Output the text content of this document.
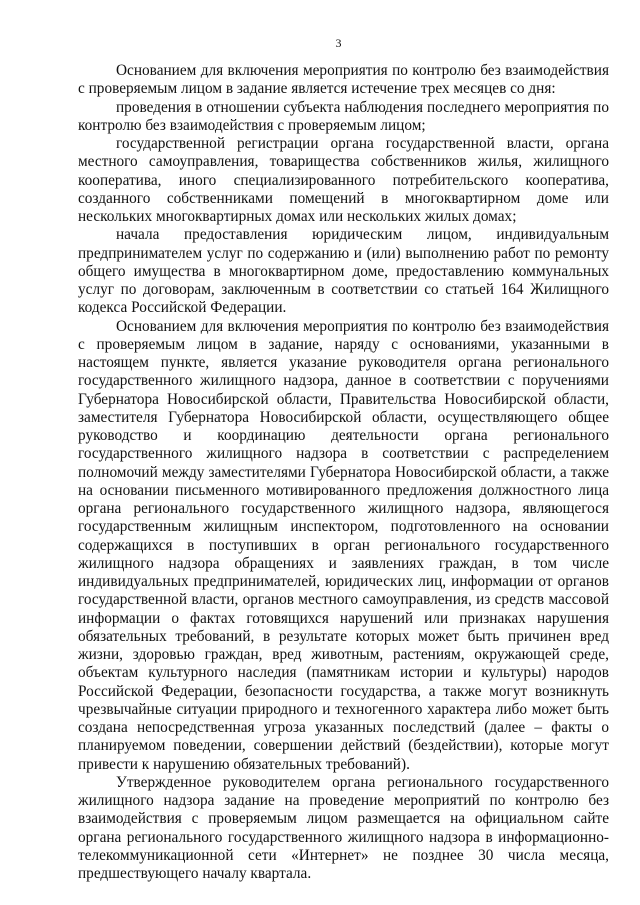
3

Основанием для включения мероприятия по контролю без взаимодействия с проверяемым лицом в задание является истечение трех месяцев со дня:

проведения в отношении субъекта наблюдения последнего мероприятия по контролю без взаимодействия с проверяемым лицом;

государственной регистрации органа государственной власти, органа местного самоуправления, товарищества собственников жилья, жилищного кооператива, иного специализированного потребительского кооператива, созданного собственниками помещений в многоквартирном доме или нескольких многоквартирных домах или нескольких жилых домах;

начала предоставления юридическим лицом, индивидуальным предпринимателем услуг по содержанию и (или) выполнению работ по ремонту общего имущества в многоквартирном доме, предоставлению коммунальных услуг по договорам, заключенным в соответствии со статьей 164 Жилищного кодекса Российской Федерации.

Основанием для включения мероприятия по контролю без взаимодействия с проверяемым лицом в задание, наряду с основаниями, указанными в настоящем пункте, является указание руководителя органа регионального государственного жилищного надзора, данное в соответствии с поручениями Губернатора Новосибирской области, Правительства Новосибирской области, заместителя Губернатора Новосибирской области, осуществляющего общее руководство и координацию деятельности органа регионального государственного жилищного надзора в соответствии с распределением полномочий между заместителями Губернатора Новосибирской области, а также на основании письменного мотивированного предложения должностного лица органа регионального государственного жилищного надзора, являющегося государственным жилищным инспектором, подготовленного на основании содержащихся в поступивших в орган регионального государственного жилищного надзора обращениях и заявлениях граждан, в том числе индивидуальных предпринимателей, юридических лиц, информации от органов государственной власти, органов местного самоуправления, из средств массовой информации о фактах готовящихся нарушений или признаках нарушения обязательных требований, в результате которых может быть причинен вред жизни, здоровью граждан, вред животным, растениям, окружающей среде, объектам культурного наследия (памятникам истории и культуры) народов Российской Федерации, безопасности государства, а также могут возникнуть чрезвычайные ситуации природного и техногенного характера либо может быть создана непосредственная угроза указанных последствий (далее – факты о планируемом поведении, совершении действий (бездействии), которые могут привести к нарушению обязательных требований).

Утвержденное руководителем органа регионального государственного жилищного надзора задание на проведение мероприятий по контролю без взаимодействия с проверяемым лицом размещается на официальном сайте органа регионального государственного жилищного надзора в информационно-телекоммуникационной сети «Интернет» не позднее 30 числа месяца, предшествующего началу квартала.
